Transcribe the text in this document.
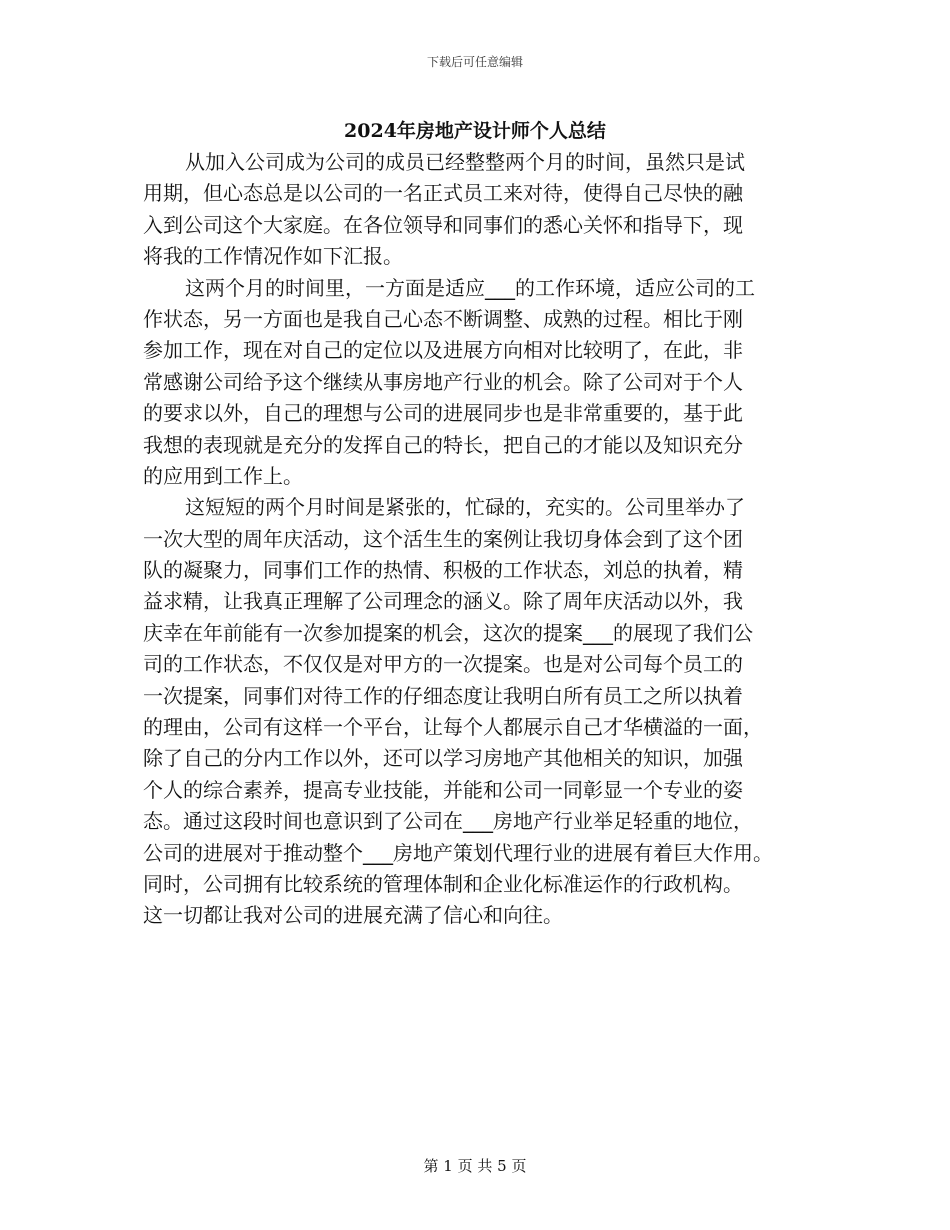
下载后可任意编辑
2024年房地产设计师个人总结
从加入公司成为公司的成员已经整整两个月的时间，虽然只是试
用期，但心态总是以公司的一名正式员工来对待，使得自己尽快的融
入到公司这个大家庭。在各位领导和同事们的悉心关怀和指导下，现
将我的工作情况作如下汇报。
这两个月的时间里，一方面是适应___的工作环境，适应公司的工
作状态，另一方面也是我自己心态不断调整、成熟的过程。相比于刚
参加工作，现在对自己的定位以及进展方向相对比较明了，在此，非
常感谢公司给予这个继续从事房地产行业的机会。除了公司对于个人
的要求以外，自己的理想与公司的进展同步也是非常重要的，基于此
我想的表现就是充分的发挥自己的特长，把自己的才能以及知识充分
的应用到工作上。
这短短的两个月时间是紧张的，忙碌的，充实的。公司里举办了
一次大型的周年庆活动，这个活生生的案例让我切身体会到了这个团
队的凝聚力，同事们工作的热情、积极的工作状态，刘总的执着，精
益求精，让我真正理解了公司理念的涵义。除了周年庆活动以外，我
庆幸在年前能有一次参加提案的机会，这次的提案___的展现了我们公
司的工作状态，不仅仅是对甲方的一次提案。也是对公司每个员工的
一次提案，同事们对待工作的仔细态度让我明白所有员工之所以执着
的理由，公司有这样一个平台，让每个人都展示自己才华横溢的一面，
除了自己的分内工作以外，还可以学习房地产其他相关的知识，加强
个人的综合素养，提高专业技能，并能和公司一同彰显一个专业的姿
态。通过这段时间也意识到了公司在___房地产行业举足轻重的地位，
公司的进展对于推动整个___房地产策划代理行业的进展有着巨大作用。
同时，公司拥有比较系统的管理体制和企业化标准运作的行政机构。
这一切都让我对公司的进展充满了信心和向往。
第 1 页 共 5 页
